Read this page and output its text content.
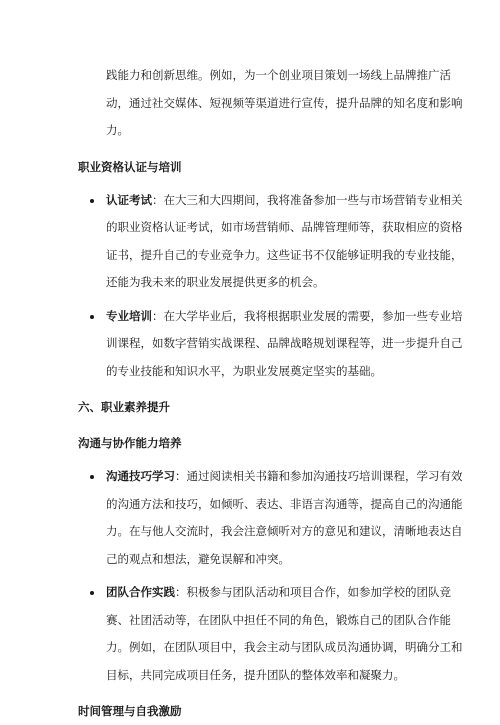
践能力和创新思维。例如，为一个创业项目策划一场线上品牌推广活
动，通过社交媒体、短视频等渠道进行宣传，提升品牌的知名度和影响
力。
职业资格认证与培训
认证考试：在大三和大四期间，我将准备参加一些与市场营销专业相关
的职业资格认证考试，如市场营销师、品牌管理师等，获取相应的资格
证书，提升自己的专业竞争力。这些证书不仅能够证明我的专业技能，
还能为我未来的职业发展提供更多的机会。
专业培训：在大学毕业后，我将根据职业发展的需要，参加一些专业培
训课程，如数字营销实战课程、品牌战略规划课程等，进一步提升自己
的专业技能和知识水平，为职业发展奠定坚实的基础。
六、职业素养提升
沟通与协作能力培养
沟通技巧学习：通过阅读相关书籍和参加沟通技巧培训课程，学习有效
的沟通方法和技巧，如倾听、表达、非语言沟通等，提高自己的沟通能
力。在与他人交流时，我会注意倾听对方的意见和建议，清晰地表达自
己的观点和想法，避免误解和冲突。
团队合作实践：积极参与团队活动和项目合作，如参加学校的团队竞
赛、社团活动等，在团队中担任不同的角色，锻炼自己的团队合作能
力。例如，在团队项目中，我会主动与团队成员沟通协调，明确分工和
目标，共同完成项目任务，提升团队的整体效率和凝聚力。
时间管理与自我激励
